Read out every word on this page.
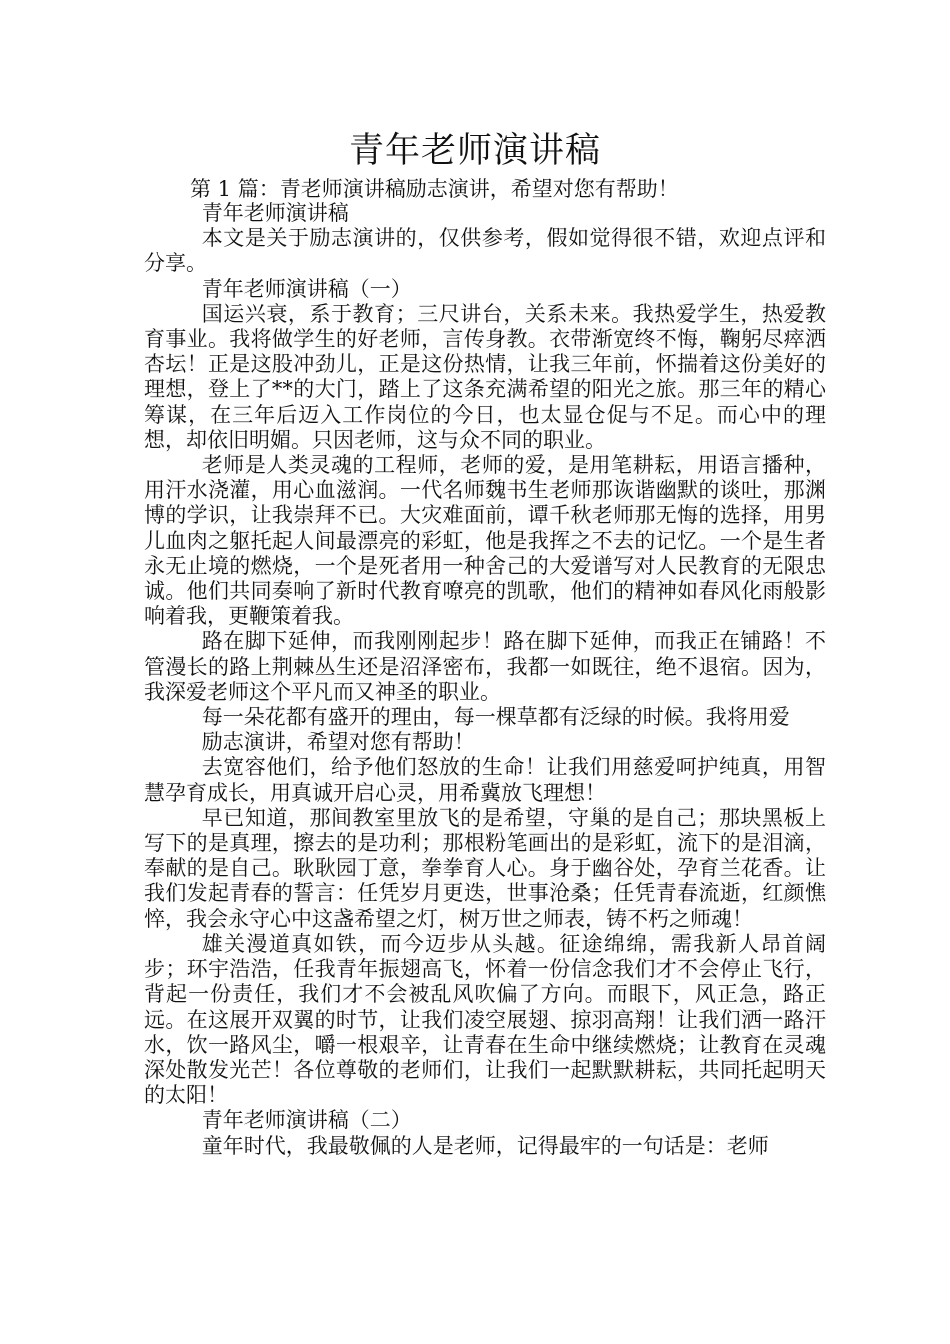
青年老师演讲稿
第 1 篇：青老师演讲稿励志演讲，希望对您有帮助！

青年老师演讲稿

本文是关于励志演讲的，仅供参考，假如觉得很不错，欢迎点评和分享。

青年老师演讲稿（一）

国运兴衰，系于教育；三尺讲台，关系未来。我热爱学生，热爱教育事业。我将做学生的好老师，言传身教。衣带渐宽终不悔，鞠躬尽瘁洒杏坛！正是这股冲劲儿，正是这份热情，让我三年前，怀揣着这份美好的理想，登上了**的大门，踏上了这条充满希望的阳光之旅。那三年的精心筹谋，在三年后迈入工作岗位的今日，也太显仓促与不足。而心中的理想，却依旧明媚。只因老师，这与众不同的职业。

老师是人类灵魂的工程师，老师的爱，是用笔耕耘，用语言播种，用汗水浇灌，用心血滋润。一代名师魏书生老师那诙谐幽默的谈吐，那渊博的学识，让我崇拜不已。大灾难面前，谭千秋老师那无悔的选择，用男儿血肉之躯托起人间最漂亮的彩虹，他是我挥之不去的记忆。一个是生者永无止境的燃烧，一个是死者用一种舍己的大爱谱写对人民教育的无限忠诚。他们共同奏响了新时代教育嘹亮的凯歌，他们的精神如春风化雨般影响着我，更鞭策着我。

路在脚下延伸，而我刚刚起步！路在脚下延伸，而我正在铺路！不管漫长的路上荆棘丛生还是沼泽密布，我都一如既往，绝不退宿。因为，我深爱老师这个平凡而又神圣的职业。

每一朵花都有盛开的理由，每一棵草都有泛绿的时候。我将用爱

励志演讲，希望对您有帮助！

去宽容他们，给予他们怒放的生命！让我们用慈爱呵护纯真，用智慧孕育成长，用真诚开启心灵，用希冀放飞理想！

早已知道，那间教室里放飞的是希望，守巢的是自己；那块黑板上写下的是真理，擦去的是功利；那根粉笔画出的是彩虹，流下的是泪滴，奉献的是自己。耿耿园丁意，拳拳育人心。身于幽谷处，孕育兰花香。让我们发起青春的誓言：任凭岁月更迭，世事沧桑；任凭青春流逝，红颜憔悴，我会永守心中这盏希望之灯，树万世之师表，铸不朽之师魂！

雄关漫道真如铁，而今迈步从头越。征途绵绵，需我新人昂首阔步；环宇浩浩，任我青年振翅高飞，怀着一份信念我们才不会停止飞行，背起一份责任，我们才不会被乱风吹偏了方向。而眼下，风正急，路正远。在这展开双翼的时节，让我们凌空展翅、掠羽高翔！让我们洒一路汗水，饮一路风尘，嚼一根艰辛，让青春在生命中继续燃烧；让教育在灵魂深处散发光芒！各位尊敬的老师们，让我们一起默默耕耘，共同托起明天的太阳！

青年老师演讲稿（二）

童年时代，我最敬佩的人是老师，记得最牢的一句话是：老师
